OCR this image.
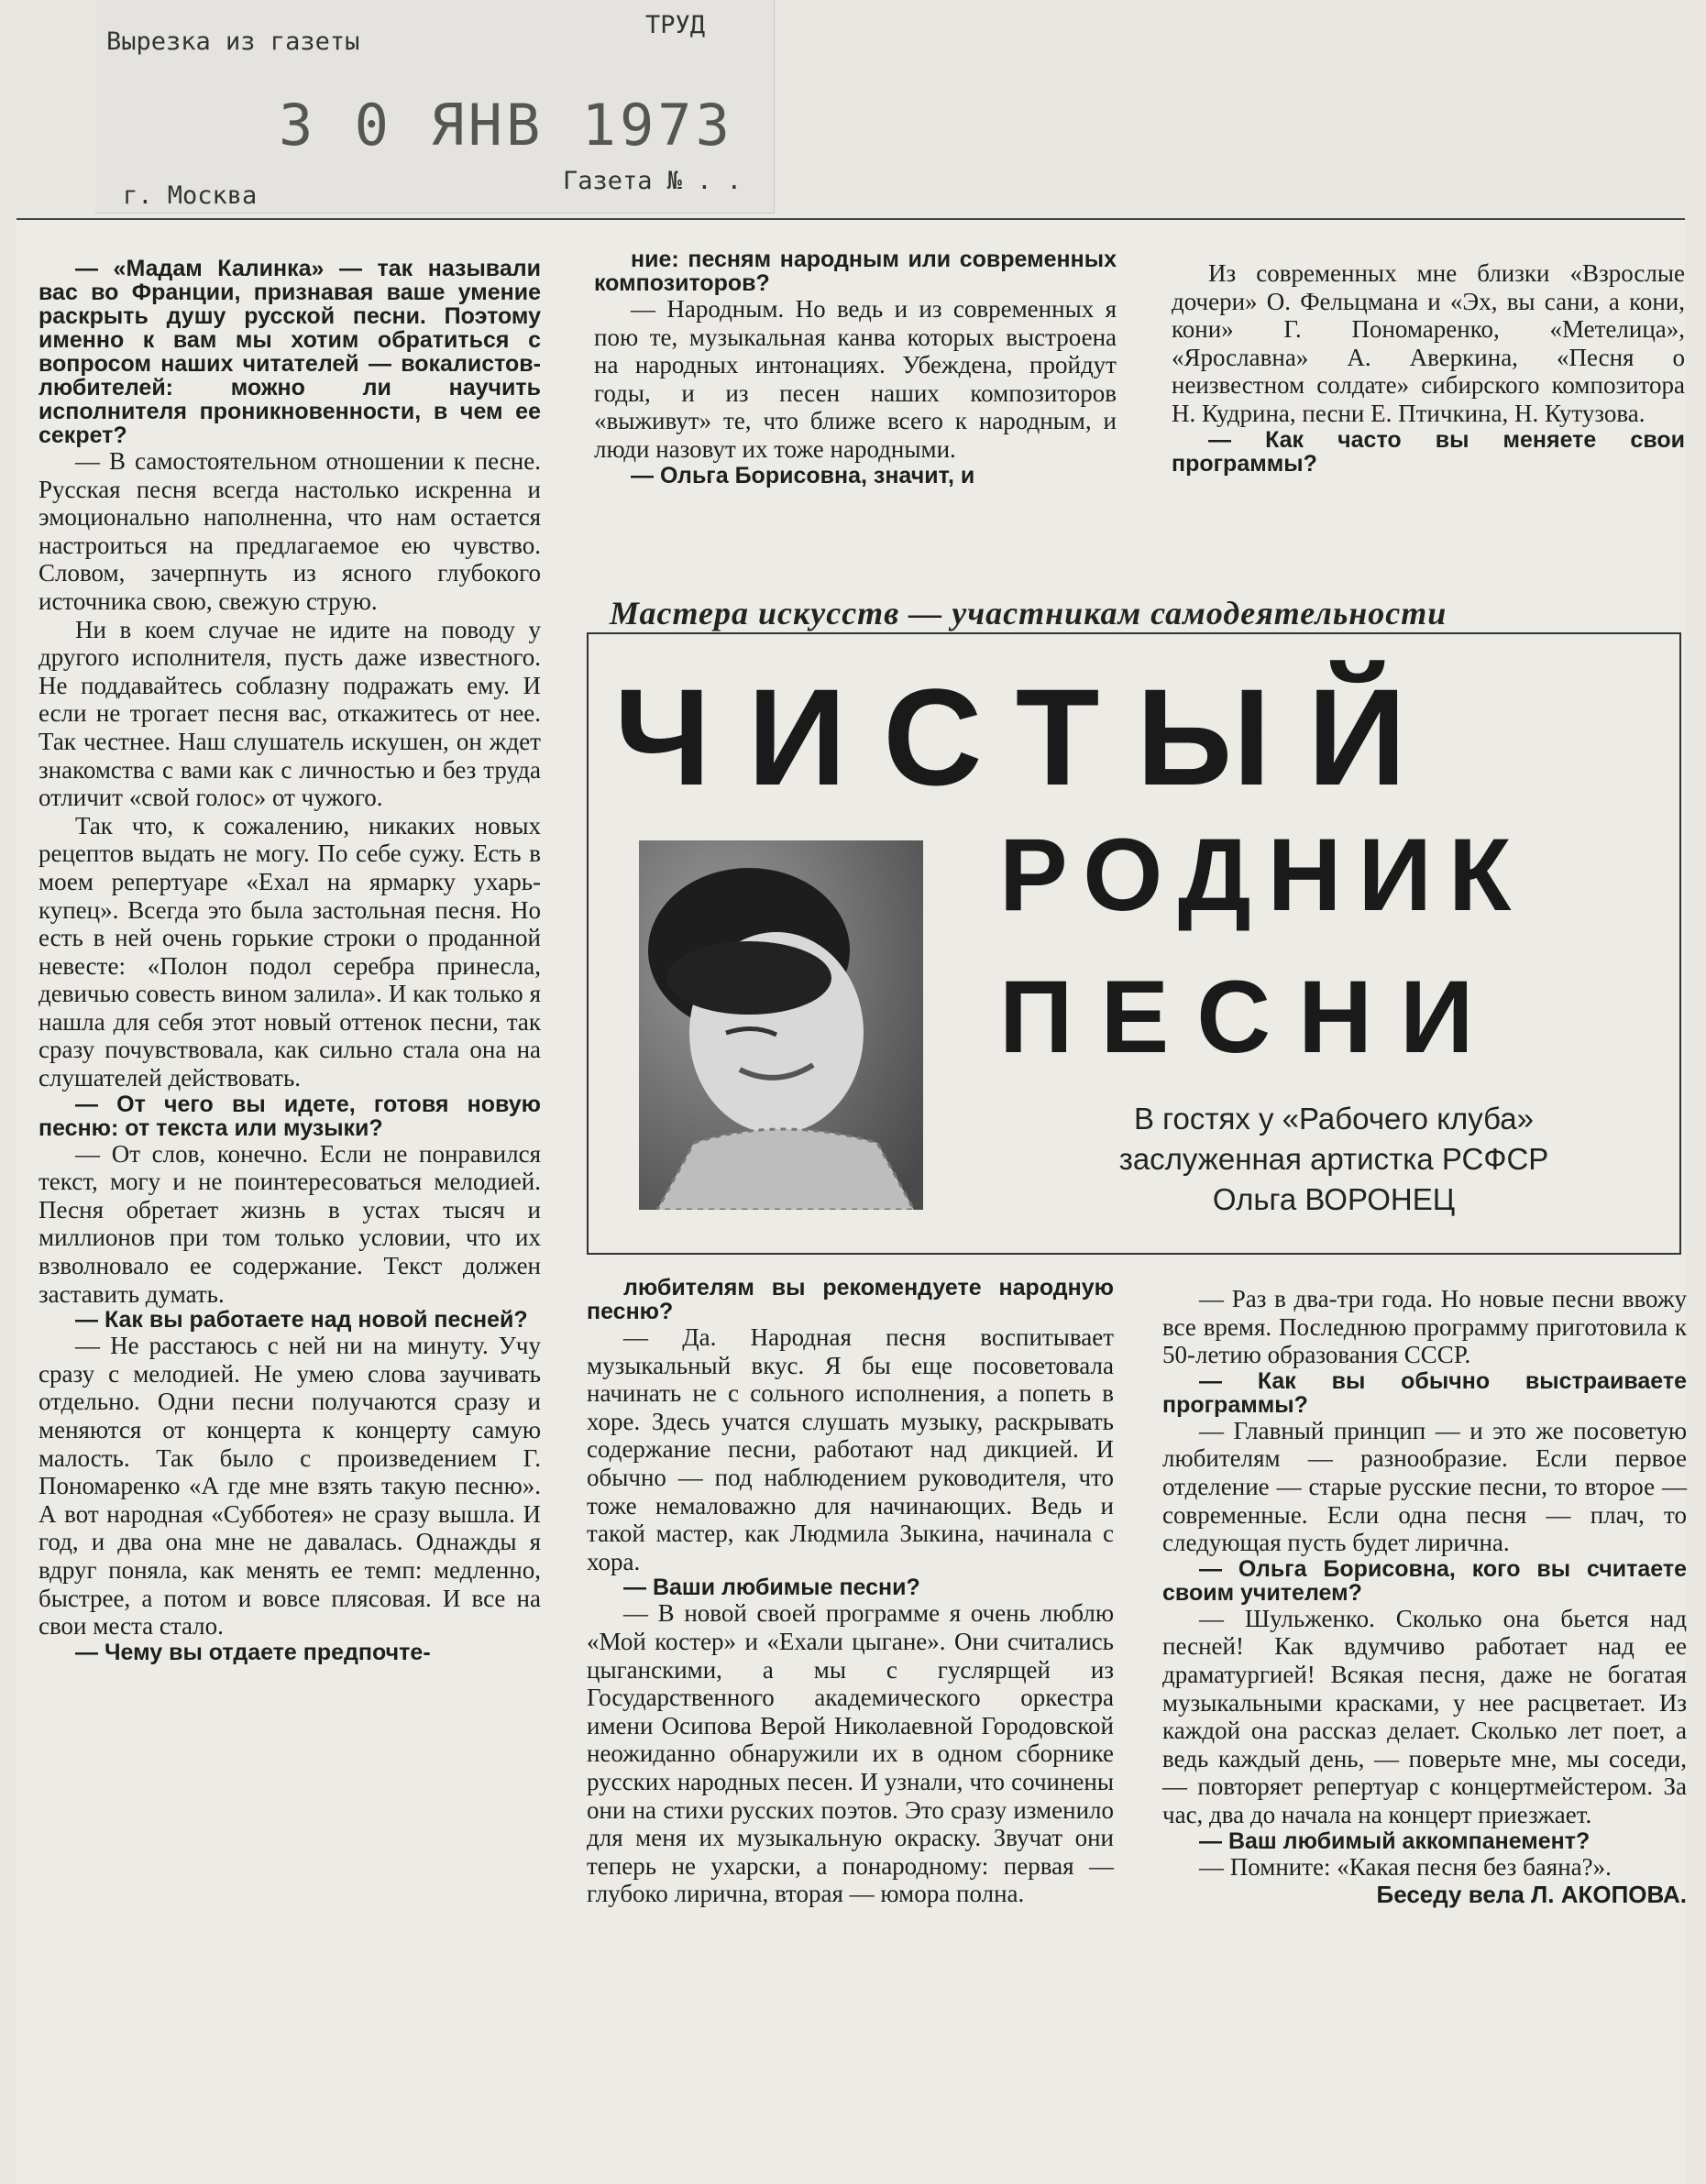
Вырезка из газеты
ТРУД
3 0 ЯНВ 1973
г. Москва
Газета № . .

— «Мадам Калинка» — так называли вас во Франции, признавая ваше умение раскрыть душу русской песни. Поэтому именно к вам мы хотим обратиться с вопросом наших читателей — вокалистов-любителей: можно ли научить исполнителя проникновенности, в чем ее секрет?

— В самостоятельном отношении к песне. Русская песня всегда настолько искренна и эмоционально наполненна, что нам остается настроиться на предлагаемое ею чувство. Словом, зачерпнуть из ясного глубокого источника свою, свежую струю.

Ни в коем случае не идите на поводу у другого исполнителя, пусть даже известного. Не поддавайтесь соблазну подражать ему. И если не трогает песня вас, откажитесь от нее. Так честнее. Наш слушатель искушен, он ждет знакомства с вами как с личностью и без труда отличит «свой голос» от чужого.

Так что, к сожалению, никаких новых рецептов выдать не могу. По себе сужу. Есть в моем репертуаре «Ехал на ярмарку ухарь-купец». Всегда это была застольная песня. Но есть в ней очень горькие строки о проданной невесте: «Полон подол серебра принесла, девичью совесть вином залила». И как только я нашла для себя этот новый оттенок песни, так сразу почувствовала, как сильно стала она на слушателей действовать.

— От чего вы идете, готовя новую песню: от текста или музыки?

— От слов, конечно. Если не понравился текст, могу и не поинтересоваться мелодией. Песня обретает жизнь в устах тысяч и миллионов при том только условии, что их взволновало ее содержание. Текст должен заставить думать.

— Как вы работаете над новой песней?

— Не расстаюсь с ней ни на минуту. Учу сразу с мелодией. Не умею слова заучивать отдельно. Одни песни получаются сразу и меняются от концерта к концерту самую малость. Так было с произведением Г. Пономаренко «А где мне взять такую песню». А вот народная «Субботея» не сразу вышла. И год, и два она мне не давалась. Однажды я вдруг поняла, как менять ее темп: медленно, быстрее, а потом и вовсе плясовая. И все на свои места стало.

— Чему вы отдаете предпочте-

ние: песням народным или современных композиторов?

— Народным. Но ведь и из современных я пою те, музыкальная канва которых выстроена на народных интонациях. Убеждена, пройдут годы, и из песен наших композиторов «выживут» те, что ближе всего к народным, и люди назовут их тоже народными.

— Ольга Борисовна, значит, и

Из современных мне близки «Взрослые дочери» О. Фельцмана и «Эх, вы сани, а кони, кони» Г. Пономаренко, «Метелица», «Ярославна» А. Аверкина, «Песня о неизвестном солдате» сибирского композитора Н. Кудрина, песни Е. Птичкина, Н. Кутузова.

— Как часто вы меняете свои программы?

Мастера искусств — участникам самодеятельности
ЧИСТЫЙ
РОДНИК
ПЕСНИ
В гостях у «Рабочего клуба»
заслуженная артистка РСФСР
Ольга ВОРОНЕЦ

любителям вы рекомендуете народную песню?

— Да. Народная песня воспитывает музыкальный вкус. Я бы еще посоветовала начинать не с сольного исполнения, а попеть в хоре. Здесь учатся слушать музыку, раскрывать содержание песни, работают над дикцией. И обычно — под наблюдением руководителя, что тоже немаловажно для начинающих. Ведь и такой мастер, как Людмила Зыкина, начинала с хора.

— Ваши любимые песни?

— В новой своей программе я очень люблю «Мой костер» и «Ехали цыгане». Они считались цыганскими, а мы с гуслярщей из Государственного академического оркестра имени Осипова Верой Николаевной Городовской неожиданно обнаружили их в одном сборнике русских народных песен. И узнали, что сочинены они на стихи русских поэтов. Это сразу изменило для меня их музыкальную окраску. Звучат они теперь не ухарски, а понародному: первая — глубоко лирична, вторая — юмора полна.

— Раз в два-три года. Но новые песни ввожу все время. Последнюю программу приготовила к 50-летию образования СССР.

— Как вы обычно выстраиваете программы?

— Главный принцип — и это же посоветую любителям — разнообразие. Если первое отделение — старые русские песни, то второе — современные. Если одна песня — плач, то следующая пусть будет лирична.

— Ольга Борисовна, кого вы считаете своим учителем?

— Шульженко. Сколько она бьется над песней! Как вдумчиво работает над ее драматургией! Всякая песня, даже не богатая музыкальными красками, у нее расцветает. Из каждой она рассказ делает. Сколько лет поет, а ведь каждый день, — поверьте мне, мы соседи, — повторяет репертуар с концертмейстером. За час, два до начала на концерт приезжает.

— Ваш любимый аккомпанемент?

— Помните: «Какая песня без баяна?».

Беседу вела Л. АКОПОВА.
